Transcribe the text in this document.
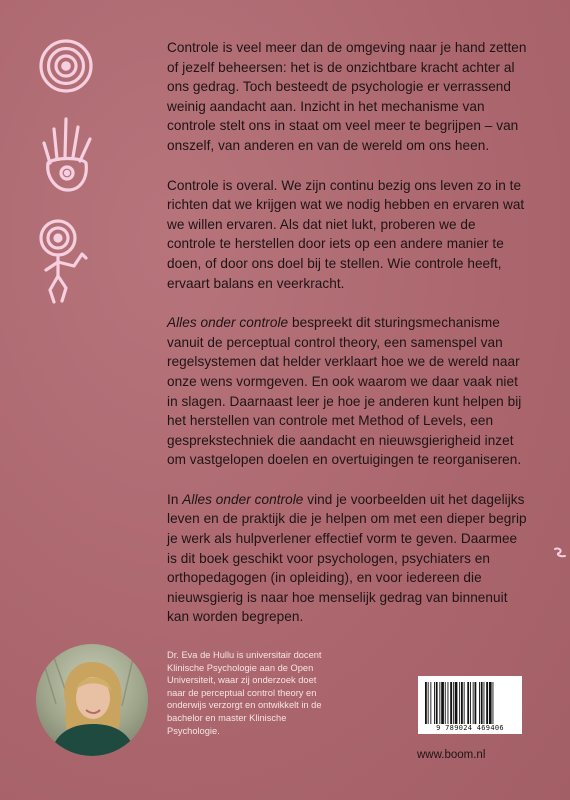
Controle is veel meer dan de omgeving naar je hand zetten of jezelf beheersen: het is de onzichtbare kracht achter al ons gedrag. Toch besteedt de psychologie er verrassend weinig aandacht aan. Inzicht in het mechanisme van controle stelt ons in staat om veel meer te begrijpen – van onszelf, van anderen en van de wereld om ons heen.

Controle is overal. We zijn continu bezig ons leven zo in te richten dat we krijgen wat we nodig hebben en ervaren wat we willen ervaren. Als dat niet lukt, proberen we de controle te herstellen door iets op een andere manier te doen, of door ons doel bij te stellen. Wie controle heeft, ervaart balans en veerkracht.

Alles onder controle bespreekt dit sturingsmechanisme vanuit de perceptual control theory, een samenspel van regelsystemen dat helder verklaart hoe we de wereld naar onze wens vormgeven. En ook waarom we daar vaak niet in slagen. Daarnaast leer je hoe je anderen kunt helpen bij het herstellen van controle met Method of Levels, een gesprekstechniek die aandacht en nieuwsgierigheid inzet om vastgelopen doelen en overtuigingen te reorganiseren.

In Alles onder controle vind je voorbeelden uit het dagelijks leven en de praktijk die je helpen om met een dieper begrip je werk als hulpverlener effectief vorm te geven. Daarmee is dit boek geschikt voor psychologen, psychiaters en orthopedagogen (in opleiding), en voor iedereen die nieuwsgierig is naar hoe menselijk gedrag van binnenuit kan worden begrepen.

Dr. Eva de Hullu is universitair docent Klinische Psychologie aan de Open Universiteit, waar zij onderzoek doet naar de perceptual control theory en onderwijs verzorgt en ontwikkelt in de bachelor en master Klinische Psychologie.	9 789024 469406
www.boom.nl
